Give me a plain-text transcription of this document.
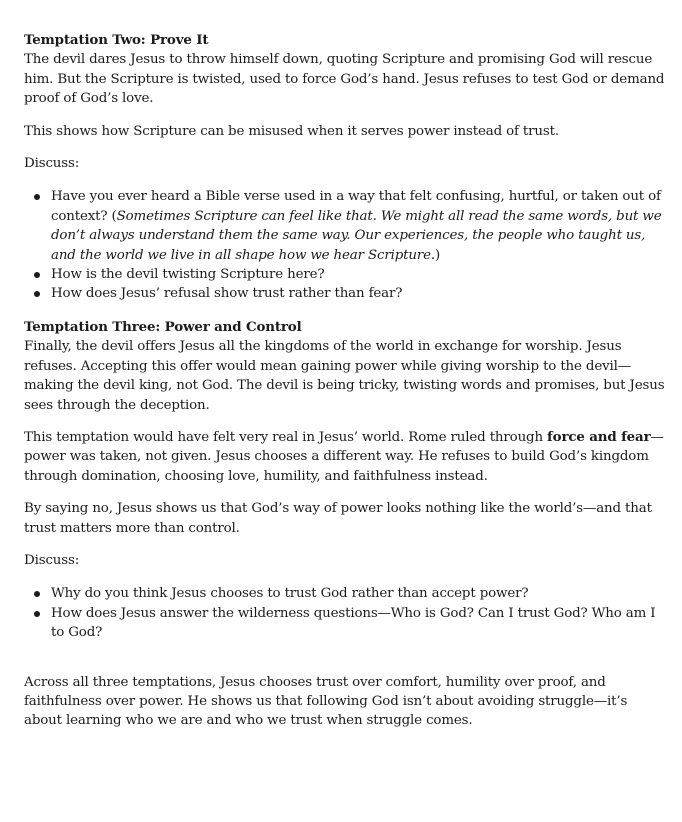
Temptation Two: Prove It

The devil dares Jesus to throw himself down, quoting Scripture and promising God will rescue him. But the Scripture is twisted, used to force God’s hand. Jesus refuses to test God or demand proof of God’s love.

This shows how Scripture can be misused when it serves power instead of trust.

Discuss:

Have you ever heard a Bible verse used in a way that felt confusing, hurtful, or taken out of context? (Sometimes Scripture can feel like that. We might all read the same words, but we don’t always understand them the same way. Our experiences, the people who taught us, and the world we live in all shape how we hear Scripture.)
How is the devil twisting Scripture here?
How does Jesus’ refusal show trust rather than fear?

Temptation Three: Power and Control

Finally, the devil offers Jesus all the kingdoms of the world in exchange for worship. Jesus refuses. Accepting this offer would mean gaining power while giving worship to the devil—making the devil king, not God. The devil is being tricky, twisting words and promises, but Jesus sees through the deception.

This temptation would have felt very real in Jesus’ world. Rome ruled through force and fear—power was taken, not given. Jesus chooses a different way. He refuses to build God’s kingdom through domination, choosing love, humility, and faithfulness instead.

By saying no, Jesus shows us that God’s way of power looks nothing like the world’s—and that trust matters more than control.

Discuss:

Why do you think Jesus chooses to trust God rather than accept power?
How does Jesus answer the wilderness questions—Who is God? Can I trust God? Who am I to God?

Across all three temptations, Jesus chooses trust over comfort, humility over proof, and faithfulness over power. He shows us that following God isn’t about avoiding struggle—it’s about learning who we are and who we trust when struggle comes.
